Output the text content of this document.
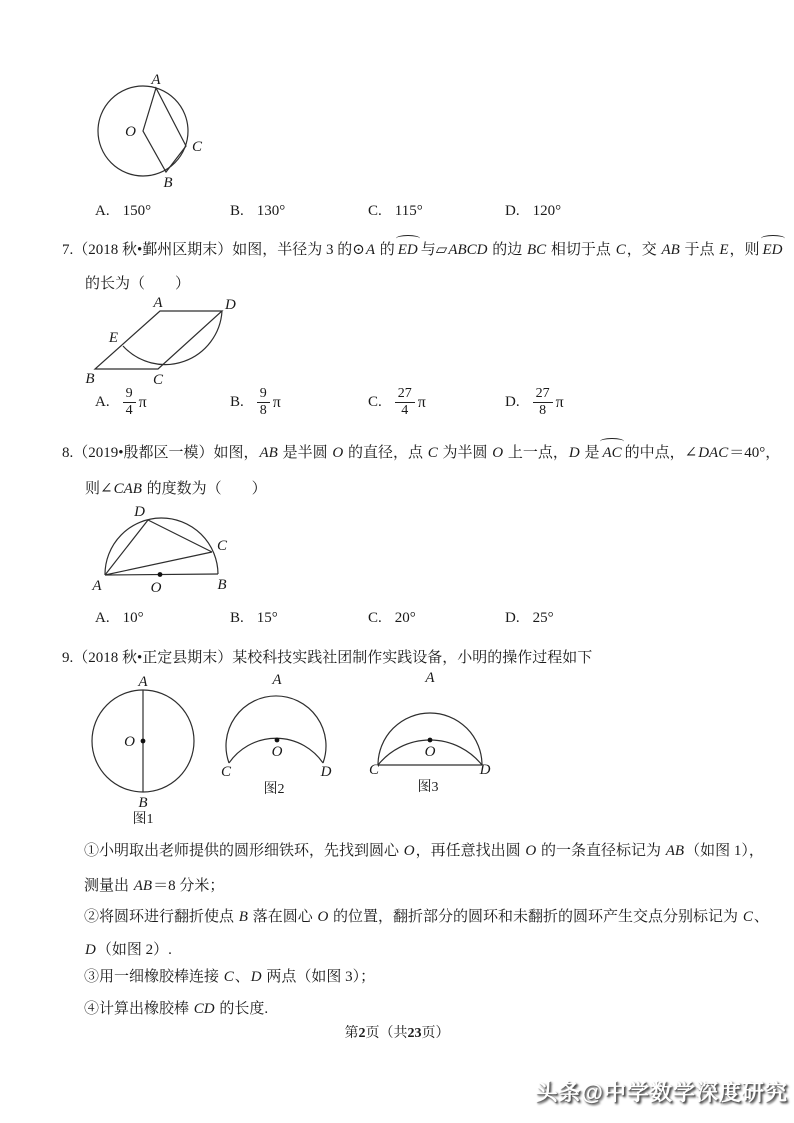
A
O
C
B
A. 150°	B. 130°	C. 115°	D. 120°
7.（2018 秋•鄞州区期末）如图，半径为 3 的⊙A 的 ED 与▱ABCD 的边 BC 相切于点 C，交 AB 于点 E，则 ED
的长为（　　）
A	D
E
B	C
A. $\frac{9}{4}$ π	B. $\frac{9}{8}$ π	C. $\frac{27}{4}$ π	D. $\frac{27}{8}$ π
8.（2019•殷都区一模）如图，AB 是半圆 O 的直径，点 C 为半圆 O 上一点，D 是 AC 的中点，∠DAC＝40°，
则∠CAB 的度数为（　　）
A	O	B
D
C
A. 10°	B. 15°	C. 20°	D. 25°
9.（2018 秋•正定县期末）某校科技实践社团制作实践设备，小明的操作过程如下
A
O
B
图1
A
C	D
O
图2
A
C	D
O
图3
①小明取出老师提供的圆形细铁环，先找到圆心 O，再任意找出圆 O 的一条直径标记为 AB（如图 1），
测量出 AB＝8 分米；
②将圆环进行翻折使点 B 落在圆心 O 的位置，翻折部分的圆环和未翻折的圆环产生交点分别标记为 C、
D（如图 2）.
③用一细橡胶棒连接 C、D 两点（如图 3）；
④计算出橡胶棒 CD 的长度.
第2页（共23页）
头条@中学数学深度研究
